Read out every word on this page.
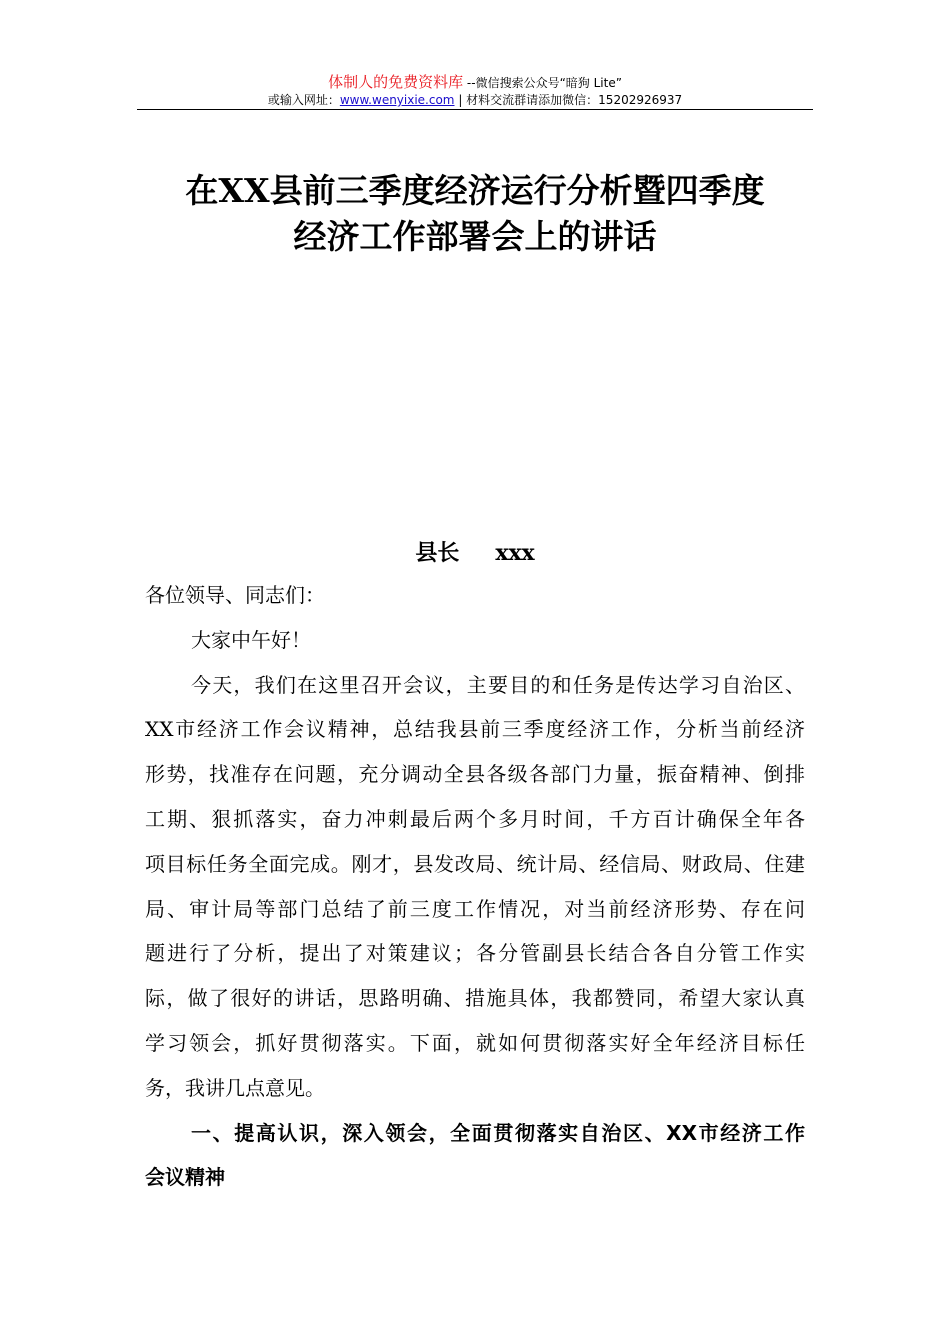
体制人的免费资料库 --微信搜索公众号“暗狗 Lite”
或输入网址：www.wenyixie.com | 材料交流群请添加微信：15202926937
在XX县前三季度经济运行分析暨四季度
经济工作部署会上的讲话
县长 xxx
各位领导、同志们：
大家中午好！
今天，我们在这里召开会议，主要目的和任务是传达学习自治区、
XX市经济工作会议精神，总结我县前三季度经济工作，分析当前经济
形势，找准存在问题，充分调动全县各级各部门力量，振奋精神、倒排
工期、狠抓落实，奋力冲刺最后两个多月时间，千方百计确保全年各
项目标任务全面完成。刚才，县发改局、统计局、经信局、财政局、住建
局、审计局等部门总结了前三度工作情况，对当前经济形势、存在问
题进行了分析，提出了对策建议；各分管副县长结合各自分管工作实
际，做了很好的讲话，思路明确、措施具体，我都赞同，希望大家认真
学习领会，抓好贯彻落实。下面，就如何贯彻落实好全年经济目标任
务，我讲几点意见。
一、提高认识，深入领会，全面贯彻落实自治区、XX市经济工作
会议精神
